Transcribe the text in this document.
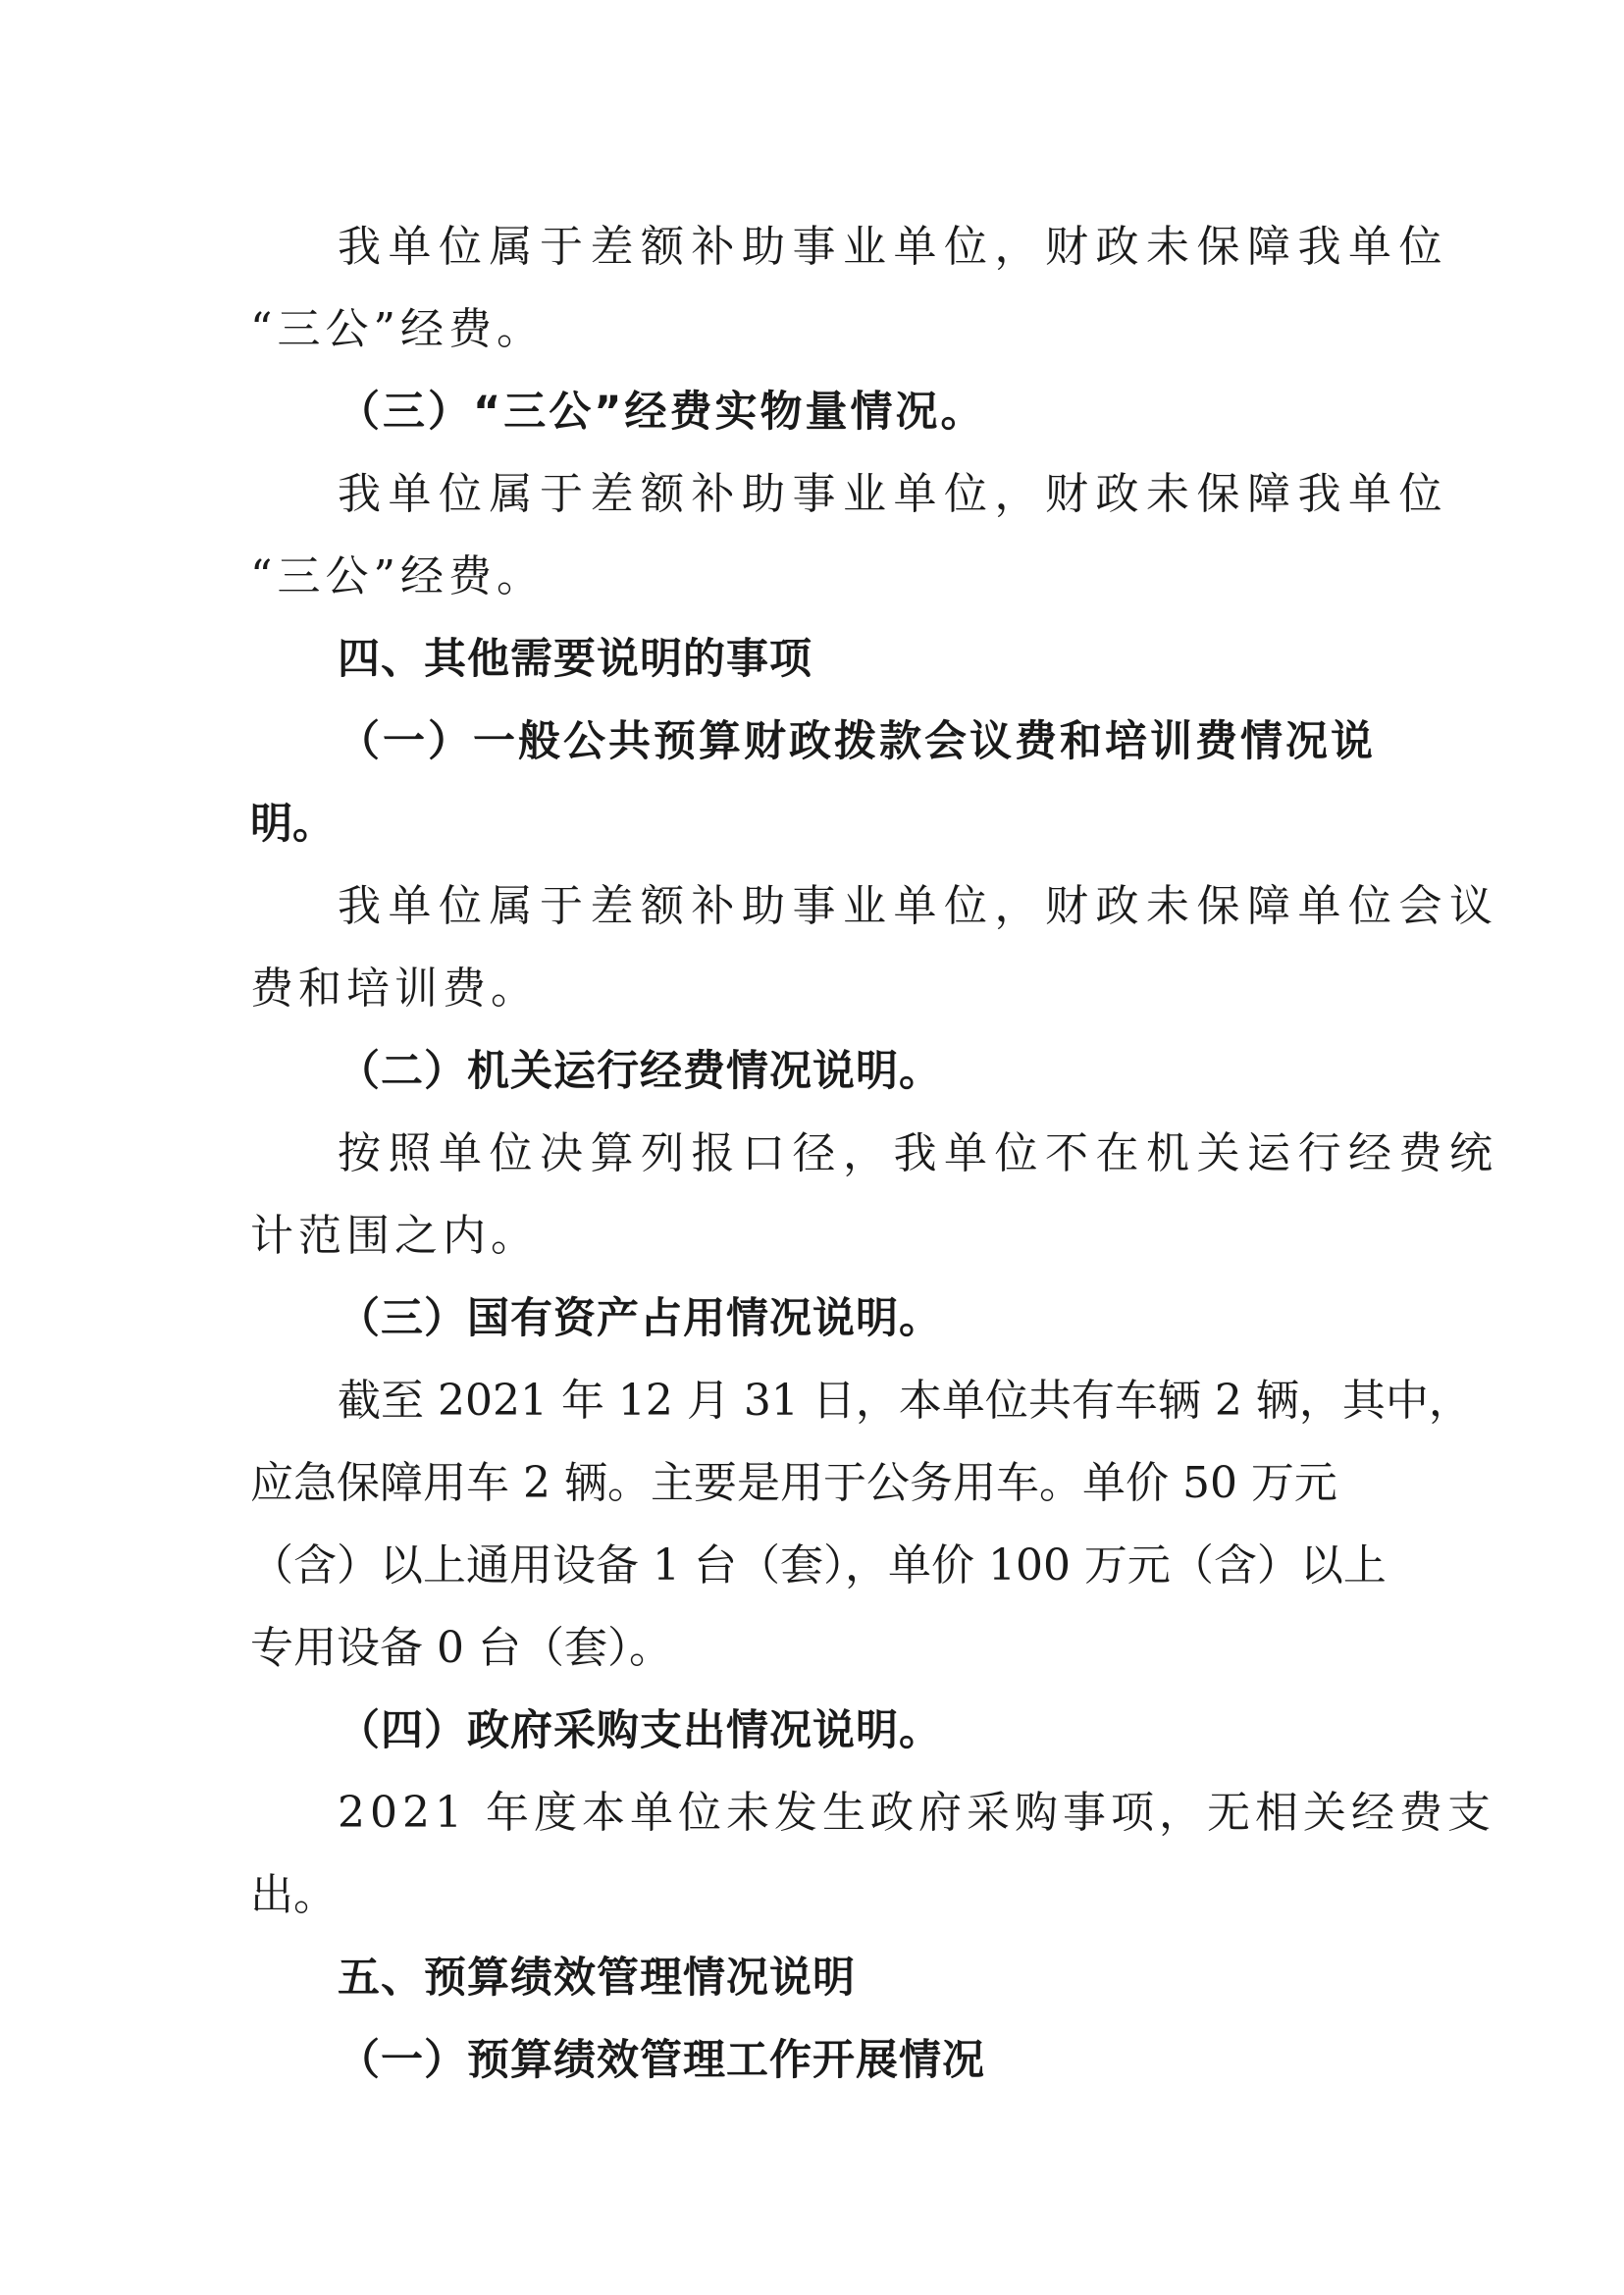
我单位属于差额补助事业单位，财政未保障我单位

“三公”经费。

（三）“三公”经费实物量情况。

我单位属于差额补助事业单位，财政未保障我单位

“三公”经费。

四、其他需要说明的事项

（一）一般公共预算财政拨款会议费和培训费情况说

明。

我单位属于差额补助事业单位，财政未保障单位会议

费和培训费。

（二）机关运行经费情况说明。

按照单位决算列报口径，我单位不在机关运行经费统

计范围之内。

（三）国有资产占用情况说明。

截至 2021 年 12 月 31 日，本单位共有车辆 2 辆，其中，

应急保障用车 2 辆。主要是用于公务用车。单价 50 万元

（含）以上通用设备 1 台（套），单价 100 万元（含）以上

专用设备 0 台（套）。

（四）政府采购支出情况说明。

2021 年度本单位未发生政府采购事项，无相关经费支

出。

五、预算绩效管理情况说明

（一）预算绩效管理工作开展情况
